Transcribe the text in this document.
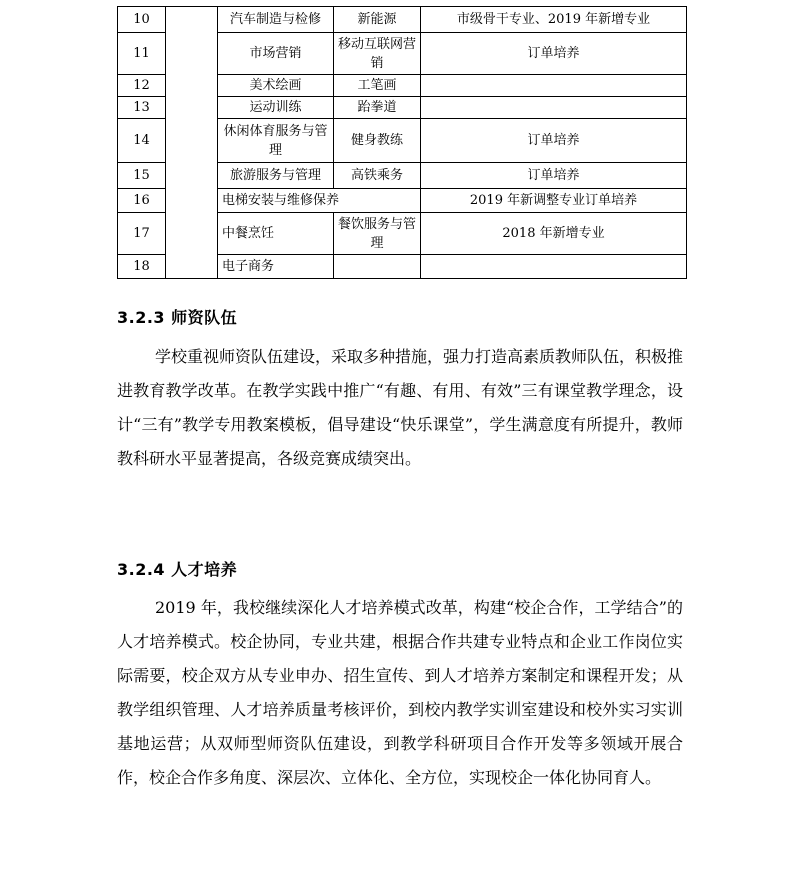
10		汽车制造与检修	新能源	市级骨干专业、2019 年新增专业
11		市场营销	移动互联网营销	订单培养
12		美术绘画	工笔画	
13		运动训练	跆拳道	
14		休闲体育服务与管理	健身教练	订单培养
15		旅游服务与管理	高铁乘务	订单培养
16		电梯安装与维修保养		2019 年新调整专业订单培养
17		中餐烹饪	餐饮服务与管理	2018 年新增专业
18		电子商务		
3.2.3 师资队伍

学校重视师资队伍建设，采取多种措施，强力打造高素质教师队伍，积极推进教育教学改革。在教学实践中推广“有趣、有用、有效”三有课堂教学理念，设计“三有”教学专用教案模板，倡导建设“快乐课堂”，学生满意度有所提升，教师教科研水平显著提高，各级竞赛成绩突出。

3.2.4 人才培养

2019 年，我校继续深化人才培养模式改革，构建“校企合作，工学结合”的人才培养模式。校企协同，专业共建，根据合作共建专业特点和企业工作岗位实际需要，校企双方从专业申办、招生宣传、到人才培养方案制定和课程开发；从教学组织管理、人才培养质量考核评价，到校内教学实训室建设和校外实习实训基地运营；从双师型师资队伍建设，到教学科研项目合作开发等多领域开展合作，校企合作多角度、深层次、立体化、全方位，实现校企一体化协同育人。
